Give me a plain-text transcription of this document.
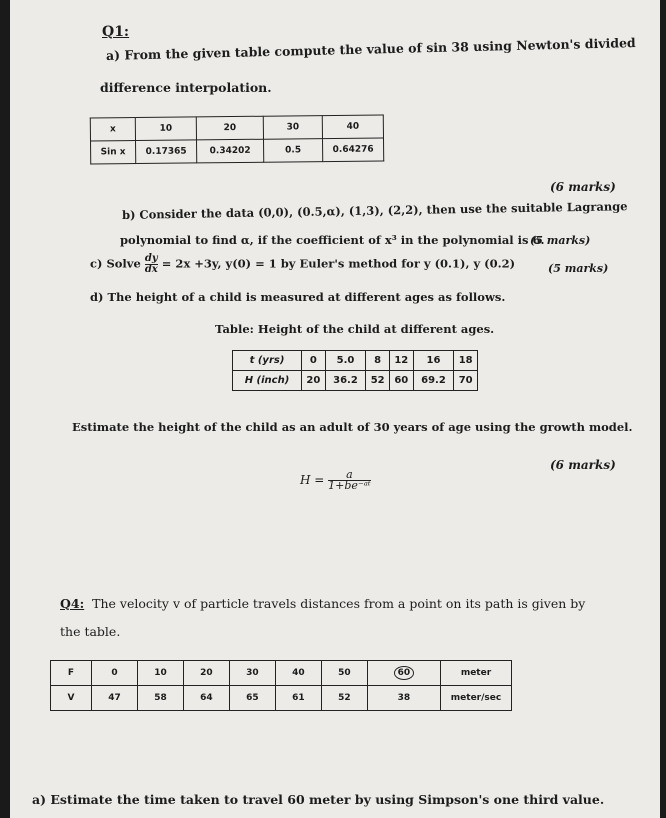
Q1:
a) From the given table compute the value of sin 38 using Newton's divided
difference interpolation.
x	10	20	30	40
Sin x	0.17365	0.34202	0.5	0.64276
(6 marks)
b) Consider the data (0,0), (0.5,α), (1,3), (2,2), then use the suitable Lagrange
polynomial to find α, if the coefficient of x³ in the polynomial is 6.
(5 marks)
c) Solve $\frac{dy}{dx} = 2x +3y$, y(0) = 1 by Euler's method for y (0.1), y (0.2)	(5 marks)
d) The height of a child is measured at different ages as follows.
Table: Height of the child at different ages.
t (yrs)	0	5.0	8	12	16	18
H (inch)	20	36.2	52	60	69.2	70
Estimate the height of the child as an adult of 30 years of age using the growth model.
(6 marks)
$H = \frac{a}{\text{1+be⁻ᵃᵗ}}$
Q4: The velocity v of particle travels distances from a point on its path is given by
the table.
F	0	10	20	30	40	50	60	meter
V	47	58	64	65	61	52	38	meter/sec
a) Estimate the time taken to travel 60 meter by using Simpson's one third value.
